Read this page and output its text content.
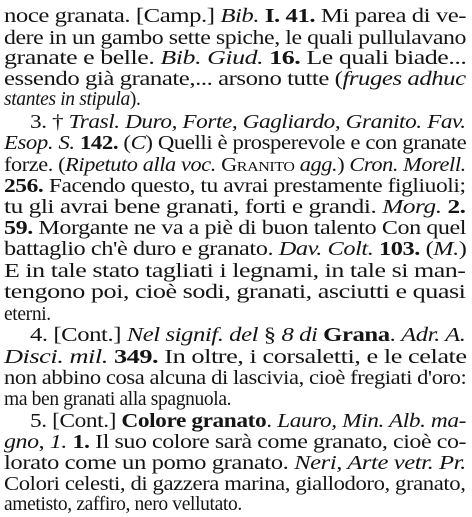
noce granata. [Camp.] Bib. I. 41. Mi parea di ve-
dere in un gambo sette spiche, le quali pullulavano
granate e belle. Bib. Giud. 16. Le quali biade...
essendo già granate,... arsono tutte (fruges adhuc
stantes in stipula).
3. † Trasl. Duro, Forte, Gagliardo, Granito. Fav.
Esop. S. 142. (C) Quelli è prosperevole e con granate
forze. (Ripetuto alla voc. Granito agg.) Cron. Morell.
256. Facendo questo, tu avrai prestamente figliuoli;
tu gli avrai bene granati, forti e grandi. Morg. 2.
59. Morgante ne va a piè di buon talento Con quel
battaglio ch'è duro e granato. Dav. Colt. 103. (M.)
E in tale stato tagliati i legnami, in tale si man-
tengono poi, cioè sodi, granati, asciutti e quasi
eterni.
4. [Cont.] Nel signif. del § 8 di Grana. Adr. A.
Disci. mil. 349. In oltre, i corsaletti, e le celate
non abbino cosa alcuna di lascivia, cioè fregiati d'oro:
ma ben granati alla spagnuola.
5. [Cont.] Colore granato. Lauro, Min. Alb. ma-
gno, 1. 1. Il suo colore sarà come granato, cioè co-
lorato come un pomo granato. Neri, Arte vetr. Pr.
Colori celesti, di gazzera marina, giallodoro, granato,
ametisto, zaffiro, nero vellutato.
